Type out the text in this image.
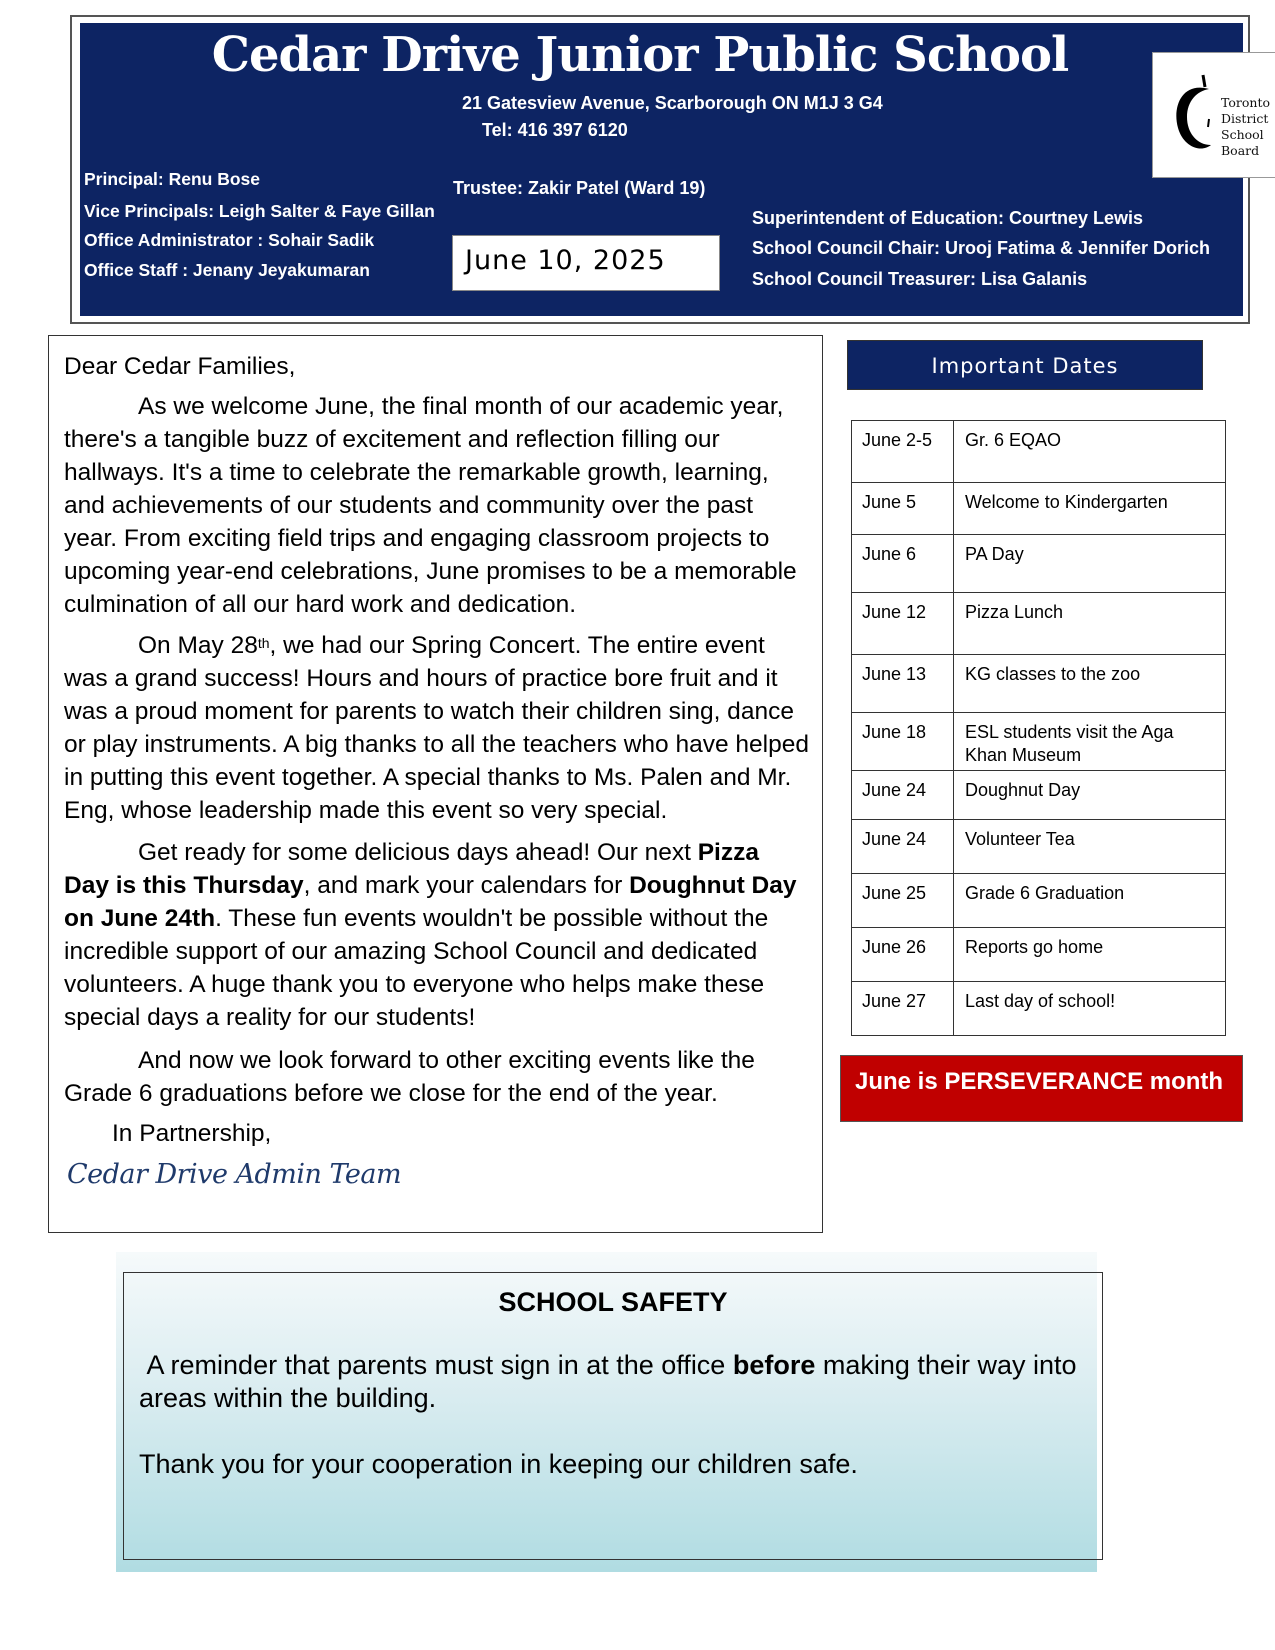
Cedar Drive Junior Public School
21 Gatesview Avenue, Scarborough ON M1J 3 G4
Tel: 416 397 6120
Principal: Renu Bose
Vice Principals: Leigh Salter & Faye Gillan
Office Administrator : Sohair Sadik
Office Staff : Jenany Jeyakumaran
Trustee: Zakir Patel (Ward 19)
June 10, 2025
Superintendent of Education: Courtney Lewis
School Council Chair: Urooj Fatima & Jennifer Dorich
School Council Treasurer: Lisa Galanis
Toronto
District
School
Board

Dear Cedar Families,

As we welcome June, the final month of our academic year, there's a tangible buzz of excitement and reflection filling our hallways. It's a time to celebrate the remarkable growth, learning, and achievements of our students and community over the past year. From exciting field trips and engaging classroom projects to upcoming year-end celebrations, June promises to be a memorable culmination of all our hard work and dedication.

On May 28th, we had our Spring Concert. The entire event was a grand success! Hours and hours of practice bore fruit and it was a proud moment for parents to watch their children sing, dance or play instruments. A big thanks to all the teachers who have helped in putting this event together. A special thanks to Ms. Palen and Mr. Eng, whose leadership made this event so very special.

Get ready for some delicious days ahead! Our next Pizza Day is this Thursday, and mark your calendars for Doughnut Day on June 24th. These fun events wouldn't be possible without the incredible support of our amazing School Council and dedicated volunteers. A huge thank you to everyone who helps make these special days a reality for our students!

And now we look forward to other exciting events like the Grade 6 graduations before we close for the end of the year.

In Partnership,

Cedar Drive Admin Team
Important Dates
June 2-5	Gr. 6 EQAO
June 5	Welcome to Kindergarten
June 6	PA Day
June 12	Pizza Lunch
June 13	KG classes to the zoo
June 18	ESL students visit the Aga Khan Museum
June 24	Doughnut Day
June 24	Volunteer Tea
June 25	Grade 6 Graduation
June 26	Reports go home
June 27	Last day of school!
June is PERSEVERANCE month
SCHOOL SAFETY

A reminder that parents must sign in at the office before making their way into areas within the building.

Thank you for your cooperation in keeping our children safe.
